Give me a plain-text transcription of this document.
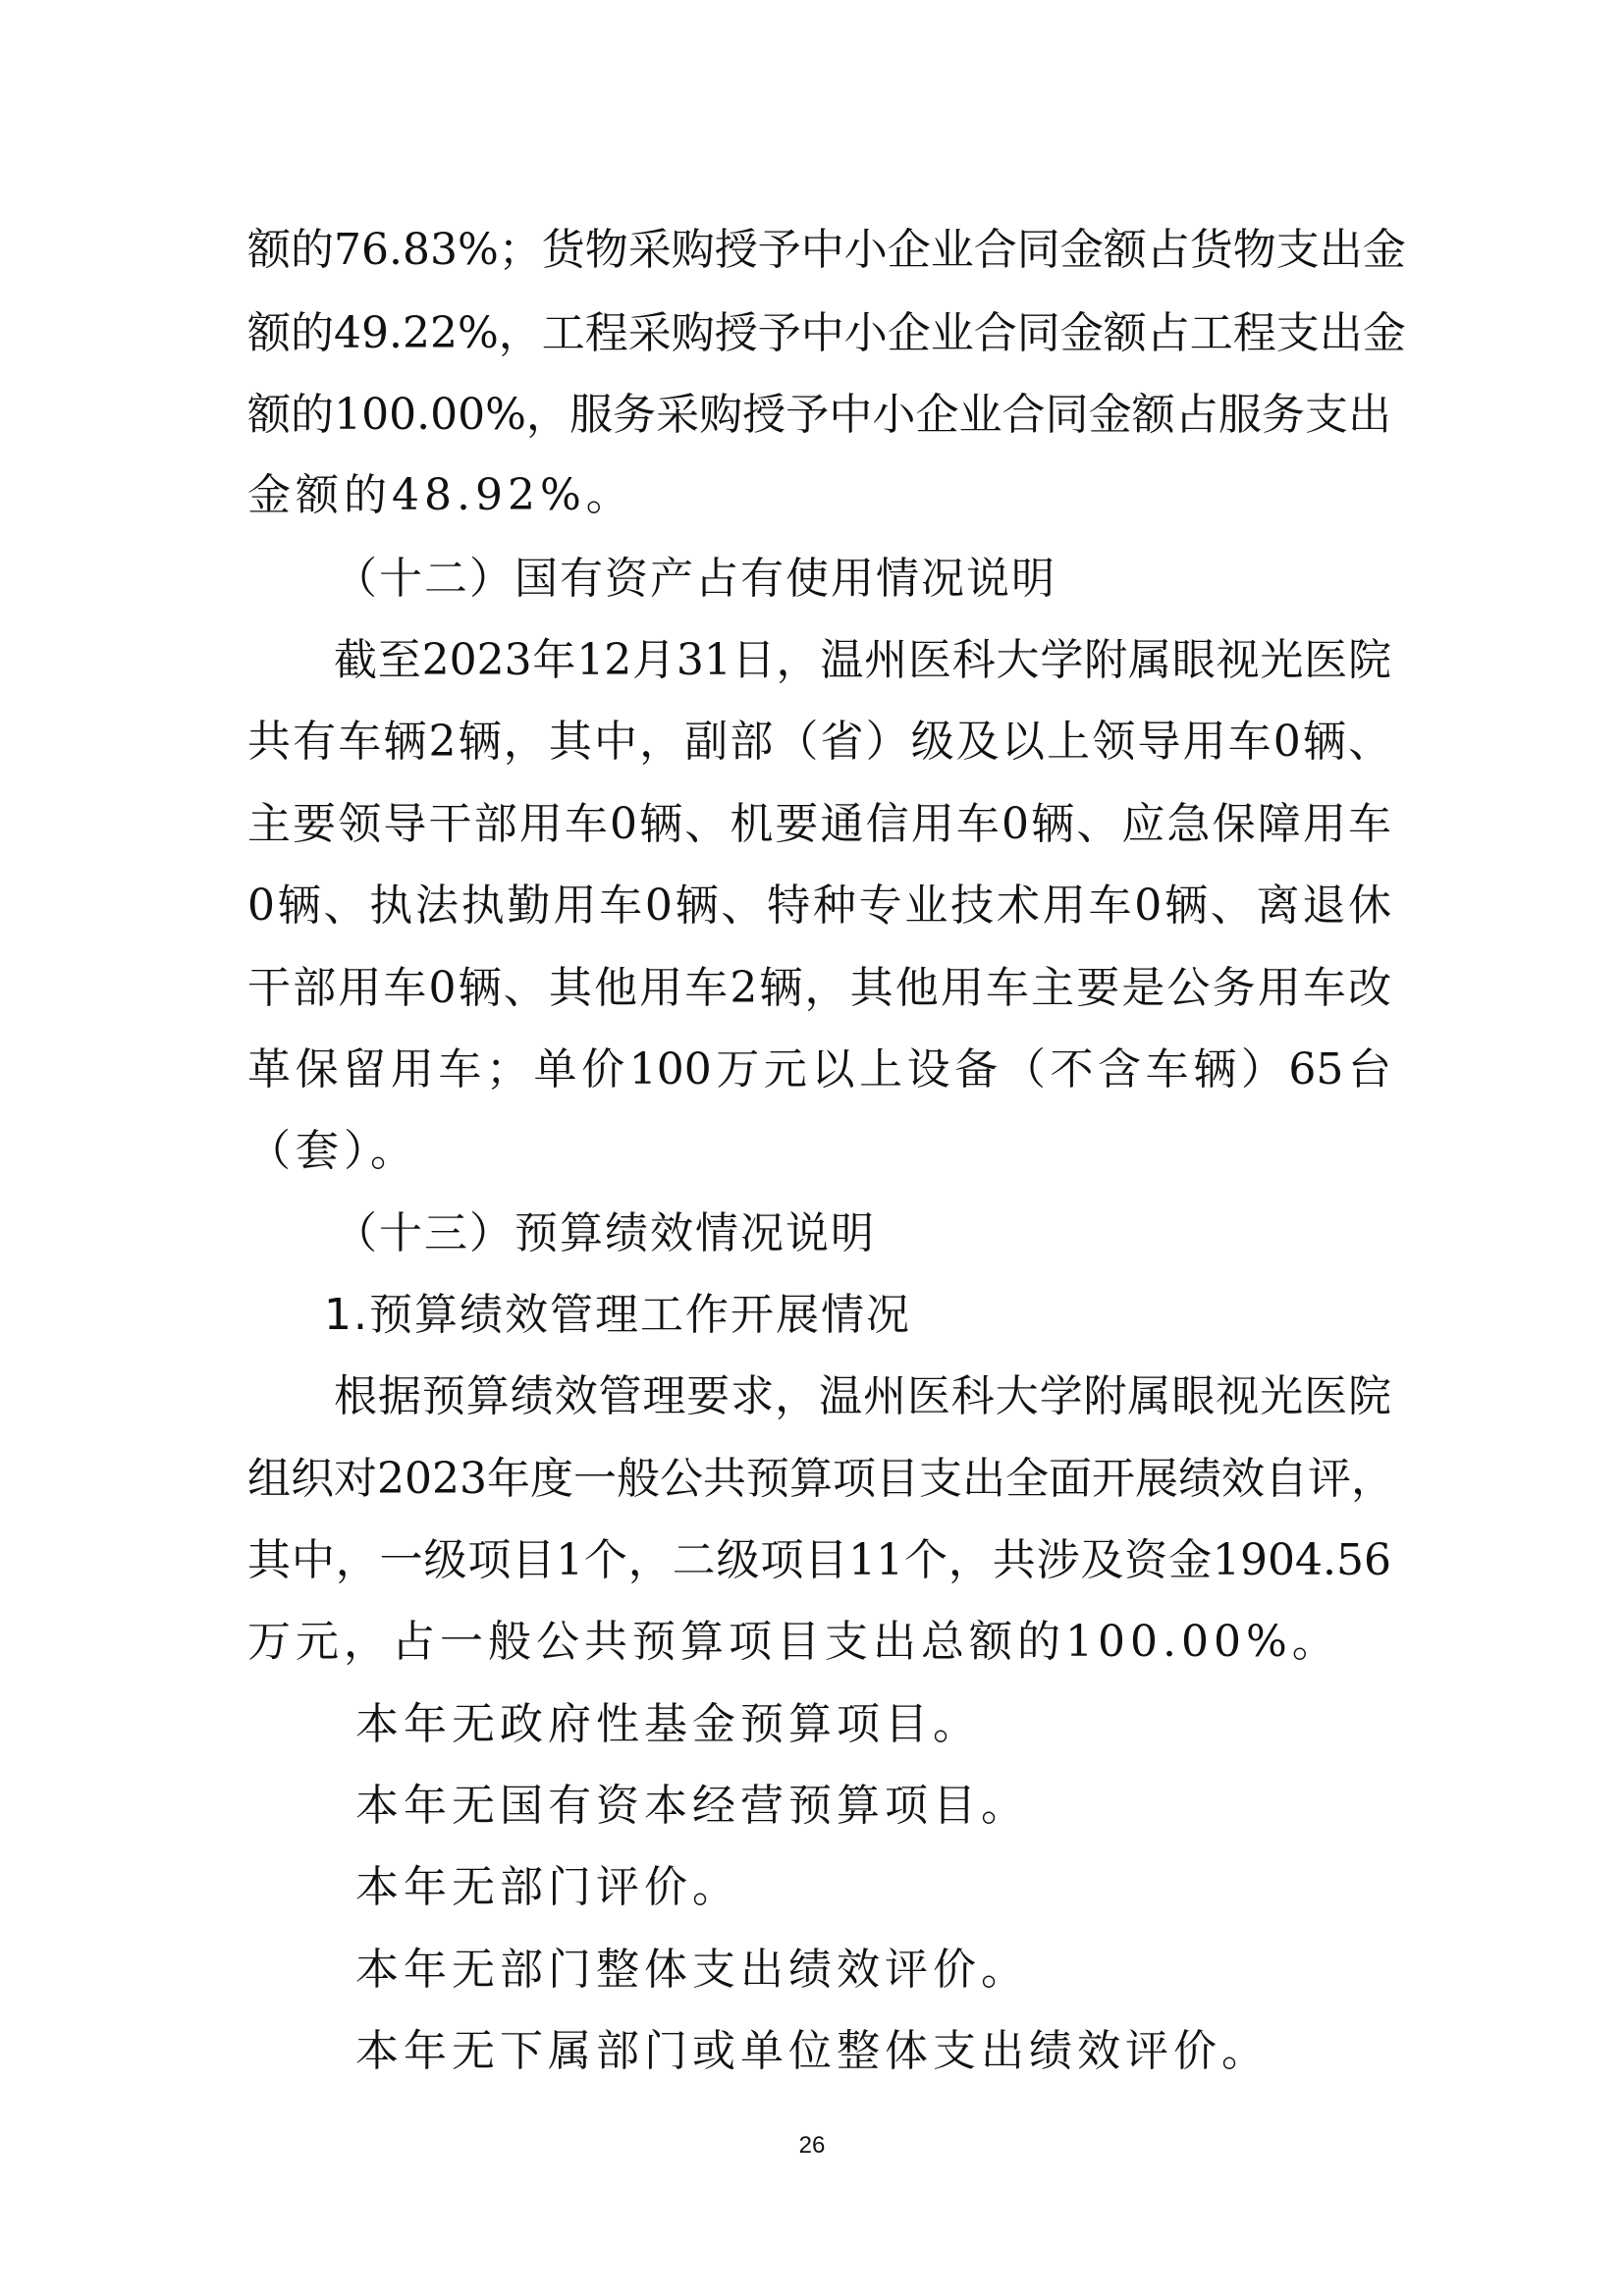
额的76.83%；货物采购授予中小企业合同金额占货物支出金
额的49.22%，工程采购授予中小企业合同金额占工程支出金
额的100.00%，服务采购授予中小企业合同金额占服务支出
金额的48.92%。
（十二）国有资产占有使用情况说明
截至2023年12月31日，温州医科大学附属眼视光医院
共有车辆2辆，其中，副部（省）级及以上领导用车0辆、
主要领导干部用车0辆、机要通信用车0辆、应急保障用车
0辆、执法执勤用车0辆、特种专业技术用车0辆、离退休
干部用车0辆、其他用车2辆，其他用车主要是公务用车改
革保留用车；单价100万元以上设备（不含车辆）65台
（套）。
（十三）预算绩效情况说明
1.预算绩效管理工作开展情况
根据预算绩效管理要求，温州医科大学附属眼视光医院
组织对2023年度一般公共预算项目支出全面开展绩效自评，
其中，一级项目1个，二级项目11个，共涉及资金1904.56
万元，占一般公共预算项目支出总额的100.00%。
本年无政府性基金预算项目。
本年无国有资本经营预算项目。
本年无部门评价。
本年无部门整体支出绩效评价。
本年无下属部门或单位整体支出绩效评价。
26
